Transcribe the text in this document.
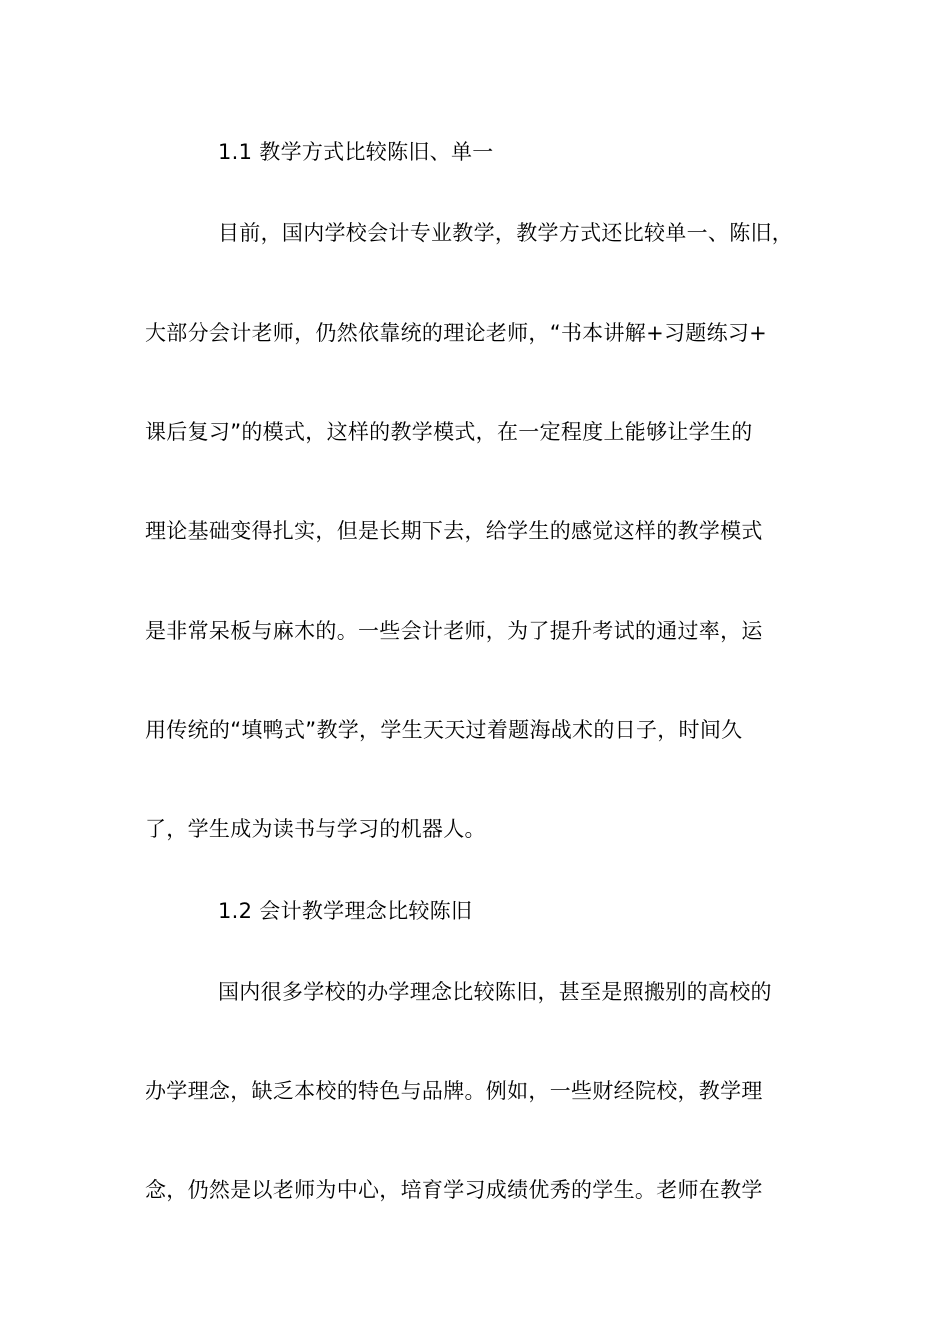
1.1 教学方式比较陈旧、单一
目前，国内学校会计专业教学，教学方式还比较单一、陈旧，
大部分会计老师，仍然依靠统的理论老师，“书本讲解+习题练习+
课后复习”的模式，这样的教学模式，在一定程度上能够让学生的
理论基础变得扎实，但是长期下去，给学生的感觉这样的教学模式
是非常呆板与麻木的。一些会计老师，为了提升考试的通过率，运
用传统的“填鸭式”教学，学生天天过着题海战术的日子，时间久
了，学生成为读书与学习的机器人。
1.2 会计教学理念比较陈旧
国内很多学校的办学理念比较陈旧，甚至是照搬别的高校的
办学理念，缺乏本校的特色与品牌。例如，一些财经院校，教学理
念，仍然是以老师为中心，培育学习成绩优秀的学生。老师在教学
